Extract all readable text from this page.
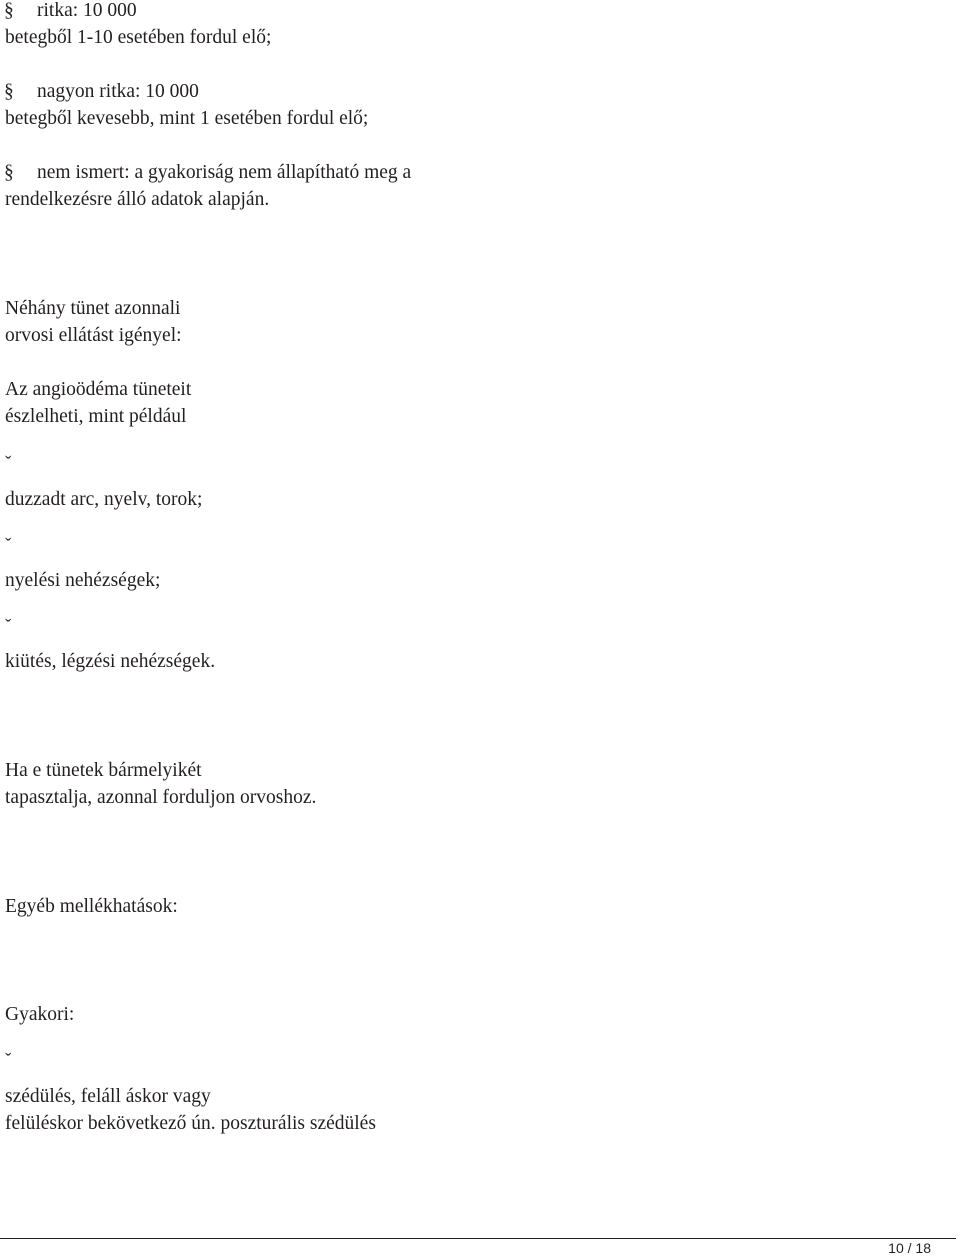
§ ritka: 10 000

betegből 1-10 esetében fordul elő;

§ nagyon ritka: 10 000

betegből kevesebb, mint 1 esetében fordul elő;

§ nem ismert: a gyakoriság nem állapítható meg a

rendelkezésre álló adatok alapján.

Néhány tünet azonnali

orvosi ellátást igényel:

Az angioödéma tüneteit

észlelheti, mint például

ˇ

duzzadt arc, nyelv, torok;

ˇ

nyelési nehézségek;

ˇ

kiütés, légzési nehézségek.

Ha e tünetek bármelyikét

tapasztalja, azonnal forduljon orvoshoz.

Egyéb mellékhatások:

Gyakori:

ˇ

szédülés, feláll áskor vagy

felüléskor bekövetkező ún. poszturális szédülés

10 / 18
